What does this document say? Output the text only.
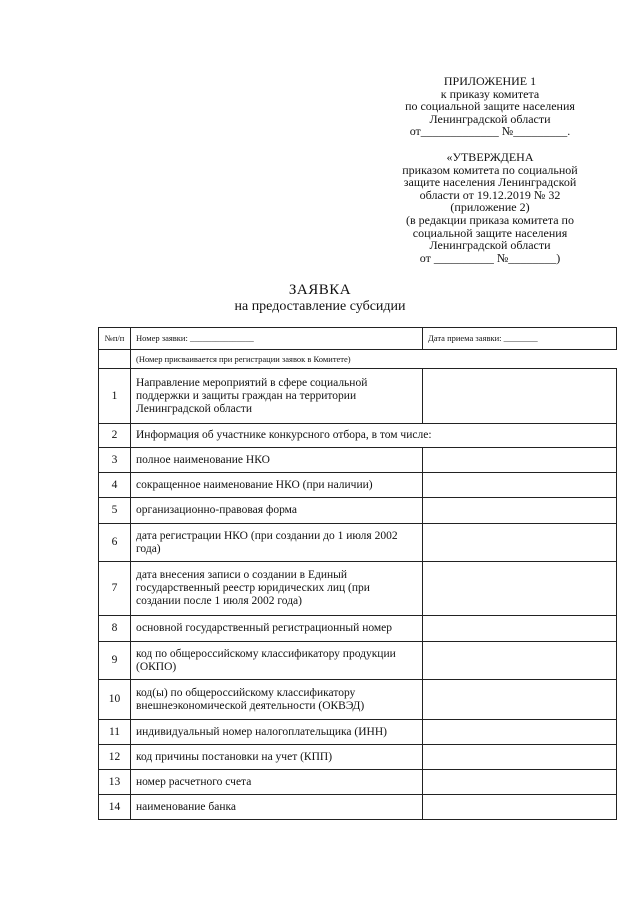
ПРИЛОЖЕНИЕ 1
к приказу комитета
по социальной защите населения
Ленинградской области
от_____________ №_________.
«УТВЕРЖДЕНА
приказом комитета по социальной
защите населения Ленинградской
области от 19.12.2019 № 32
(приложение 2)
(в редакции приказа комитета по
социальной защите населения
Ленинградской области
от __________ №________)
ЗАЯВКА
на предоставление субсидии
№п/п	Номер заявки: _______________	Дата приема заявки: ________
	(Номер присваивается при регистрации заявок в Комитете)	
1	Направление мероприятий в сфере социальной поддержки и защиты граждан на территории Ленинградской области	
2	Информация об участнике конкурсного отбора, в том числе:	
3	полное наименование НКО	
4	сокращенное наименование НКО (при наличии)	
5	организационно-правовая форма	
6	дата регистрации НКО (при создании до 1 июля 2002 года)	
7	дата внесения записи о создании в Единый государственный реестр юридических лиц (при создании после 1 июля 2002 года)	
8	основной государственный регистрационный номер	
9	код по общероссийскому классификатору продукции (ОКПО)	
10	код(ы) по общероссийскому классификатору внешнеэкономической деятельности (ОКВЭД)	
11	индивидуальный номер налогоплательщика (ИНН)	
12	код причины постановки на учет (КПП)	
13	номер расчетного счета	
14	наименование банка	
